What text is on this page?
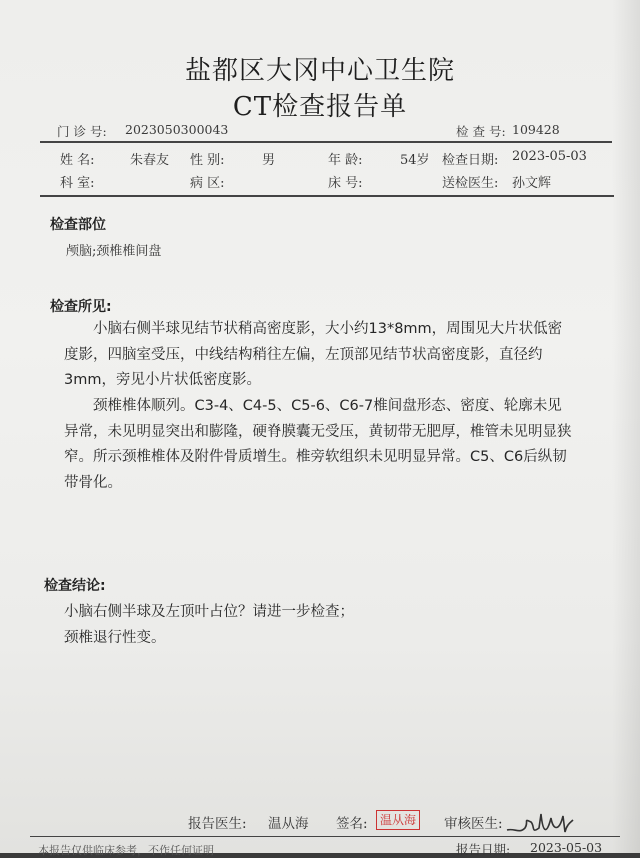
盐都区大冈中心卫生院
CT检查报告单
门 诊 号: 2023050300043	检 查 号: 109428
姓 名:	朱春友 性 别:	男	年 龄:	54岁 检查日期: 2023-05-03
科 室:	病 区:	床 号:	送检医生: 孙文辉
检查部位
颅脑;颈椎椎间盘
检查所见:
小脑右侧半球见结节状稍高密度影，大小约13*8mm，周围见大片状低密度影，四脑室受压，中线结构稍往左偏，左顶部见结节状高密度影，直径约3mm，旁见小片状低密度影。
颈椎椎体顺列。C3-4、C4-5、C5-6、C6-7椎间盘形态、密度、轮廓未见异常，未见明显突出和膨隆，硬脊膜囊无受压，黄韧带无肥厚，椎管未见明显狭窄。所示颈椎椎体及附件骨质增生。椎旁软组织未见明显异常。C5、C6后纵韧带骨化。
检查结论:
小脑右侧半球及左顶叶占位？请进一步检查；
颈椎退行性变。
报告医生: 温从海 签名:	温从海 审核医生:
本报告仅供临床参考，不作任何证明	报告日期: 2023-05-03
